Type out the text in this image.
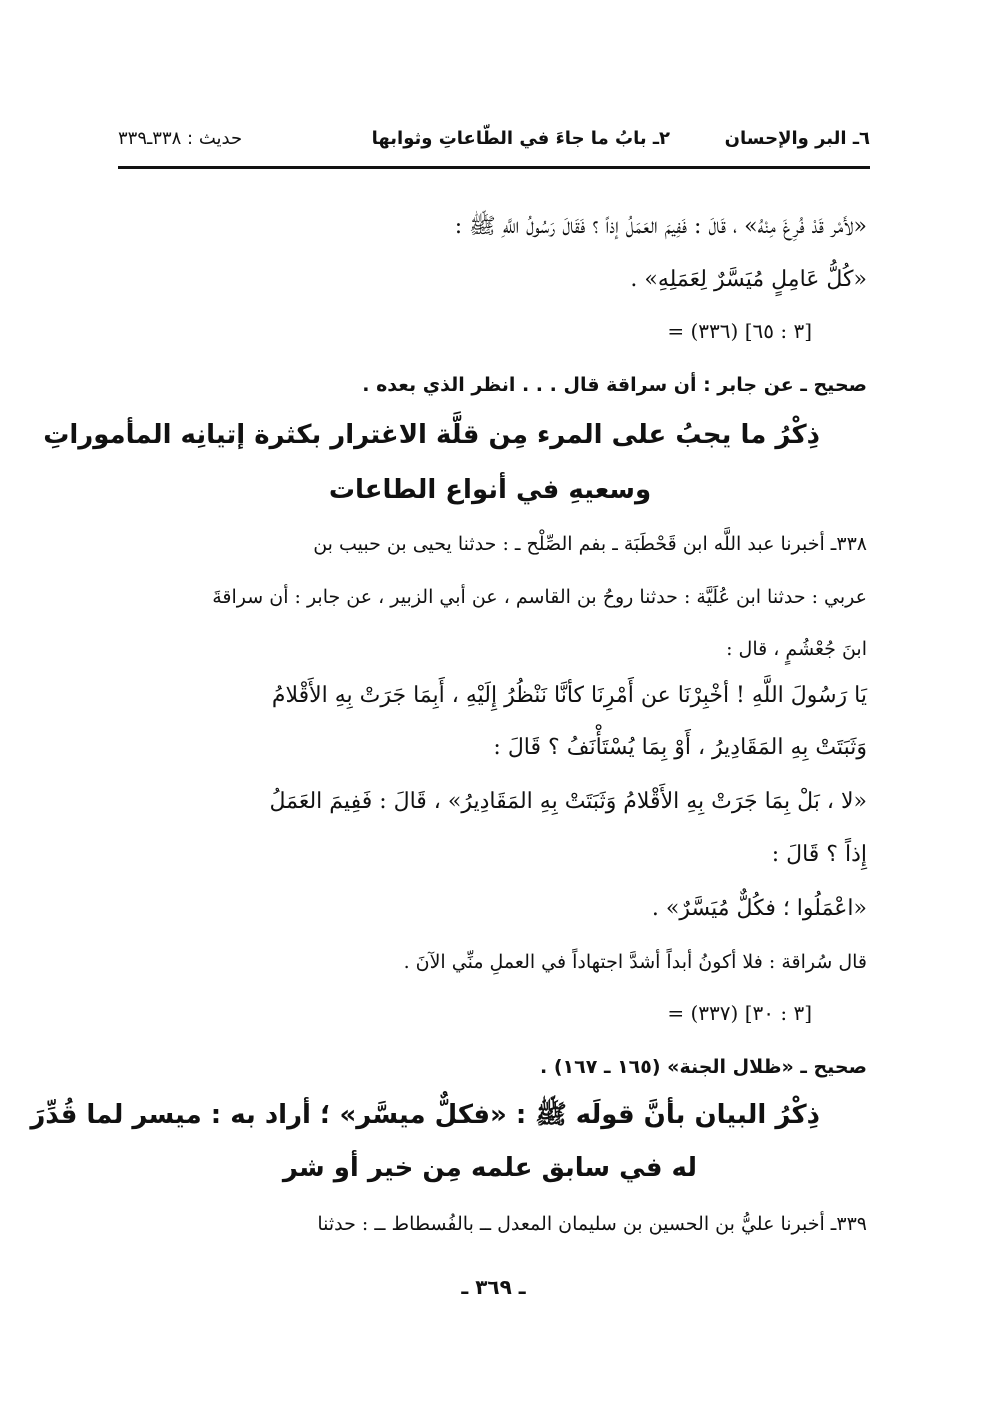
٦ـ البر والإحسان
٢ـ بابُ ما جاءَ في الطّاعاتِ وثوابها
حديث : ٣٣٨ـ٣٣٩
«لأَمْر قَدْ فُرِغَ مِنْهُ» ، قَالَ : فَفِيمَ العَمَلُ إذاً ؟ فَقَالَ رَسُولُ اللَّهِ ﷺ :
«كُلُّ عَامِلٍ مُيَسَّرٌ لِعَمَلِهِ» .
= (٣٣٦) [٣ : ٦٥]
صحيح ـ عن جابر : أن سراقة قال . . . انظر الذي بعده .
ذِكْرُ ما يجبُ على المرء مِن قلَّة الاغترار بكثرة إتيانِه المأموراتِ
وسعيهِ في أنواع الطاعات
٣٣٨ـ أخبرنا عبد اللَّه ابن قَحْطَبَة ـ بفم الصِّلْح ـ : حدثنا يحيى بن حبيب بن
عربي : حدثنا ابن عُلَيَّة : حدثنا روحُ بن القاسم ، عن أبي الزبير ، عن جابر : أن سراقةَ
ابنَ جُعْشُمٍ ، قال :
يَا رَسُولَ اللَّهِ ! أخْبِرْنَا عن أَمْرِنَا كأنَّا نَنْظُرُ إِلَيْهِ ، أَبِمَا جَرَتْ بِهِ الأَقْلامُ
وَثَبَتَتْ بِهِ المَقَادِيرُ ، أَوْ بِمَا يُسْتَأْنَفُ ؟ قَالَ :
«لا ، بَلْ بِمَا جَرَتْ بِهِ الأَقْلامُ وَثَبَتَتْ بِهِ المَقَادِيرُ» ، قَالَ : فَفِيمَ العَمَلُ
إِذاً ؟ قَالَ :
«اعْمَلُوا ؛ فكُلٌّ مُيَسَّرٌ» .
قال سُراقة : فلا أكونُ أبداً أشدَّ اجتهاداً في العملِ منِّي الآنَ .
= (٣٣٧) [٣ : ٣٠]
صحيح ـ «ظلال الجنة» (١٦٥ ـ ١٦٧) .
ذِكْرُ البيان بأنَّ قولَه ﷺ : «فكلٌّ ميسَّر» ؛ أراد به : ميسر لما قُدِّرَ
له في سابق علمه مِن خير أو شر
٣٣٩ـ أخبرنا عليُّ بن الحسين بن سليمان المعدل ــ بالفُسطاط ــ : حدثنا
ـ ٣٦٩ ـ
